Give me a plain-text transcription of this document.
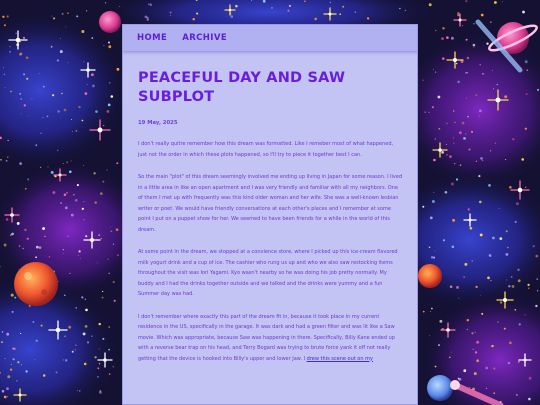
HOME ARCHIVE
PEACEFUL DAY AND SAW SUBPLOT
19 May, 2025

I don't really quitre remember how this dream was formatted. Like I remeber most of what happened, just not the order in which these plots happened, so I'll try to piece it together best I can.

So the main "plot" of this dream seemingly involved me ending up living in Japan for some reason. I lived in a little area in like an open apartment and I was very friendly and familiar with all my neighbors. One of them I met up with frequently was this kind older woman and her wife. She was a well-known lesbian writer or poet. We would have friendly conversations at each other's places and I remember at some point I put on a puppet show for her. We seemed to have been friends for a while in the world of this dream.

At some point in the dream, we stopped at a convience store, where I picked up this ice-cream flavored milk yogurt drink and a cup of ice. The cashier who rung us up and who we also saw restocking items throughout the visit was Iori Yagami. Kyo wasn't nearby so he was doing his job pretty normally. My buddy and I had the drinks together outside and we talked and the drinks were yummy and a fun Summer day was had.

I don't remember where exactly this part of the dream fit in, because it took place in my current residence in the US, specifically in the garage. It was dark and had a green filter and was lit like a Saw movie. Which was appropriate, because Saw was happening in there. Specifically, Billy Kane ended up with a reverse bear trap on his head, and Terry Bogard was trying to brute force yank it off not really getting that the device is hooked into Billy's upper and lower Jaw. I drew this scene out on my
